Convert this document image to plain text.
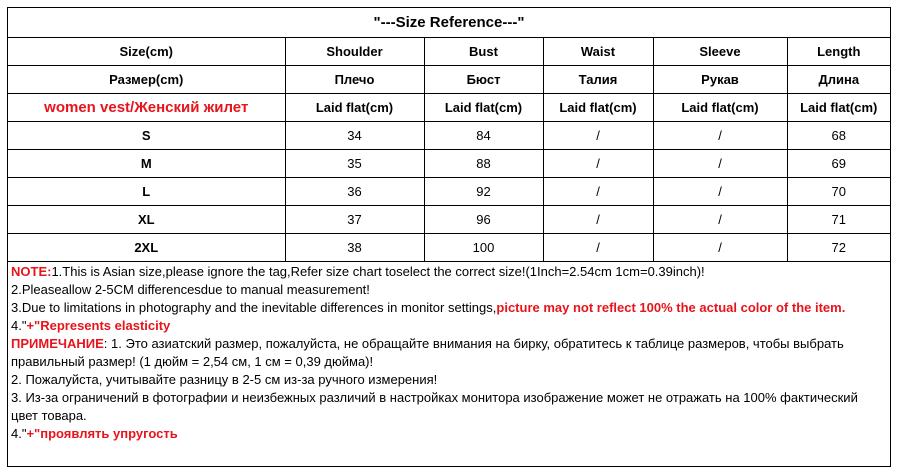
"---Size Reference---"
Size(cm)	Shoulder	Bust	Waist	Sleeve	Length
Размер(cm)	Плечо	Бюст	Талия	Рукав	Длина
women vest/Женский жилет	Laid flat(cm)	Laid flat(cm)	Laid flat(cm)	Laid flat(cm)	Laid flat(cm)
S	34	84	/	/	68
M	35	88	/	/	69
L	36	92	/	/	70
XL	37	96	/	/	71
2XL	38	100	/	/	72

NOTE:1.This is Asian size,please ignore the tag,Refer size chart toselect the correct size!(1Inch=2.54cm 1cm=0.39inch)!

2.Pleaseallow 2-5CM differencesdue to manual measurement!

3.Due to limitations in photography and the inevitable differences in monitor settings,picture may not reflect 100% the actual color of the item.

4."+"Represents elasticity

ПРИМЕЧАНИЕ: 1. Это азиатский размер, пожалуйста, не обращайте внимания на бирку, обратитесь к таблице размеров, чтобы выбрать правильный размер! (1 дюйм = 2,54 см, 1 см = 0,39 дюйма)!

2. Пожалуйста, учитывайте разницу в 2-5 см из-за ручного измерения!

3. Из-за ограничений в фотографии и неизбежных различий в настройках монитора изображение может не отражать на 100% фактический цвет товара.

4."+"проявлять упругость
